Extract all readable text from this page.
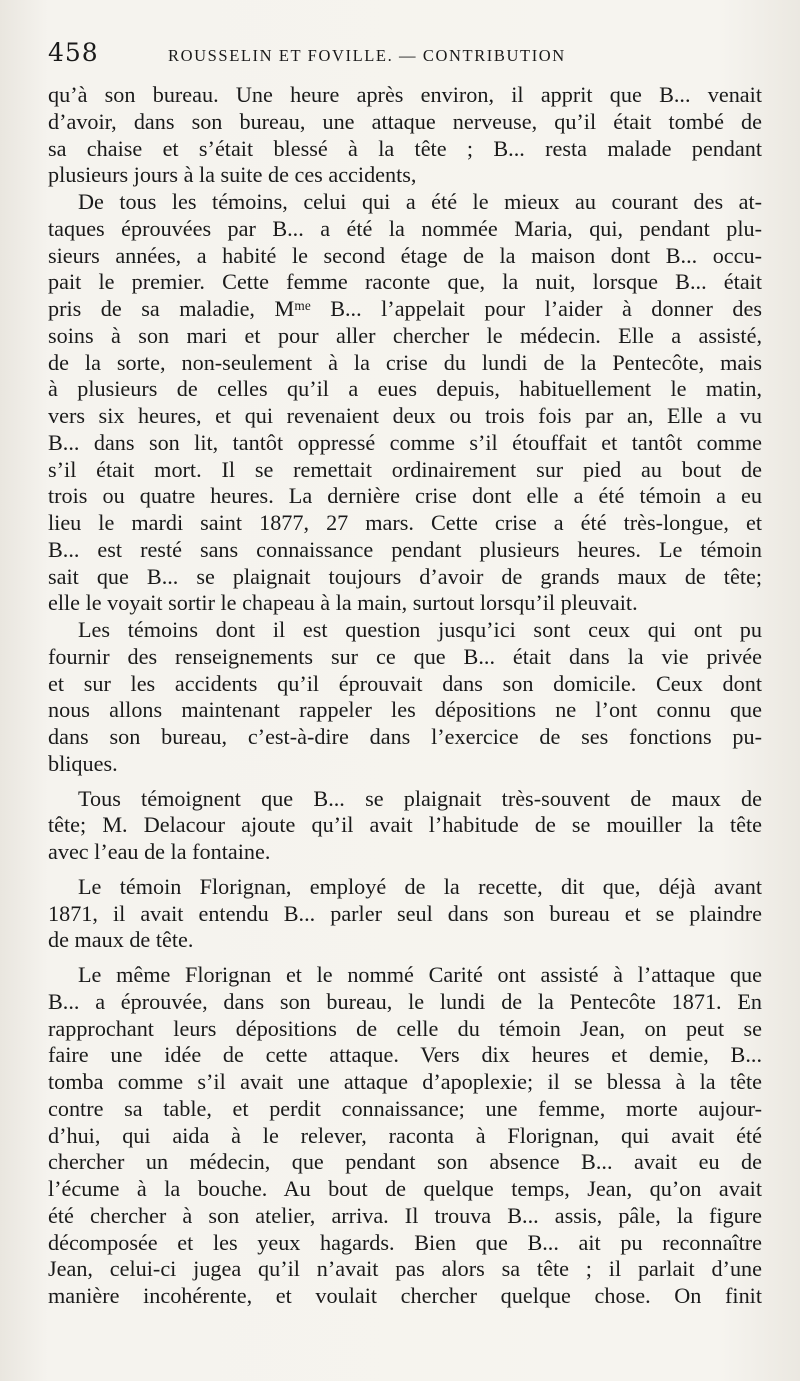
458	ROUSSELIN ET FOVILLE. — CONTRIBUTION
qu’à son bureau. Une heure après environ, il apprit que B... venait
d’avoir, dans son bureau, une attaque nerveuse, qu’il était tombé de
sa chaise et s’était blessé à la tête ; B... resta malade pendant
plusieurs jours à la suite de ces accidents,
De tous les témoins, celui qui a été le mieux au courant des at-
taques éprouvées par B... a été la nommée Maria, qui, pendant plu-
sieurs années, a habité le second étage de la maison dont B... occu-
pait le premier. Cette femme raconte que, la nuit, lorsque B... était
pris de sa maladie, Mᵐᵉ B... l’appelait pour l’aider à donner des
soins à son mari et pour aller chercher le médecin. Elle a assisté,
de la sorte, non-seulement à la crise du lundi de la Pentecôte, mais
à plusieurs de celles qu’il a eues depuis, habituellement le matin,
vers six heures, et qui revenaient deux ou trois fois par an, Elle a vu
B... dans son lit, tantôt oppressé comme s’il étouffait et tantôt comme
s’il était mort. Il se remettait ordinairement sur pied au bout de
trois ou quatre heures. La dernière crise dont elle a été témoin a eu
lieu le mardi saint 1877, 27 mars. Cette crise a été très-longue, et
B... est resté sans connaissance pendant plusieurs heures. Le témoin
sait que B... se plaignait toujours d’avoir de grands maux de tête;
elle le voyait sortir le chapeau à la main, surtout lorsqu’il pleuvait.
Les témoins dont il est question jusqu’ici sont ceux qui ont pu
fournir des renseignements sur ce que B... était dans la vie privée
et sur les accidents qu’il éprouvait dans son domicile. Ceux dont
nous allons maintenant rappeler les dépositions ne l’ont connu que
dans son bureau, c’est-à-dire dans l’exercice de ses fonctions pu-
bliques.
Tous témoignent que B... se plaignait très-souvent de maux de
tête; M. Delacour ajoute qu’il avait l’habitude de se mouiller la tête
avec l’eau de la fontaine.
Le témoin Florignan, employé de la recette, dit que, déjà avant
1871, il avait entendu B... parler seul dans son bureau et se plaindre
de maux de tête.
Le même Florignan et le nommé Carité ont assisté à l’attaque que
B... a éprouvée, dans son bureau, le lundi de la Pentecôte 1871. En
rapprochant leurs dépositions de celle du témoin Jean, on peut se
faire une idée de cette attaque. Vers dix heures et demie, B...
tomba comme s’il avait une attaque d’apoplexie; il se blessa à la tête
contre sa table, et perdit connaissance; une femme, morte aujour-
d’hui, qui aida à le relever, raconta à Florignan, qui avait été
chercher un médecin, que pendant son absence B... avait eu de
l’écume à la bouche. Au bout de quelque temps, Jean, qu’on avait
été chercher à son atelier, arriva. Il trouva B... assis, pâle, la figure
décomposée et les yeux hagards. Bien que B... ait pu reconnaître
Jean, celui-ci jugea qu’il n’avait pas alors sa tête ; il parlait d’une
manière incohérente, et voulait chercher quelque chose. On finit
